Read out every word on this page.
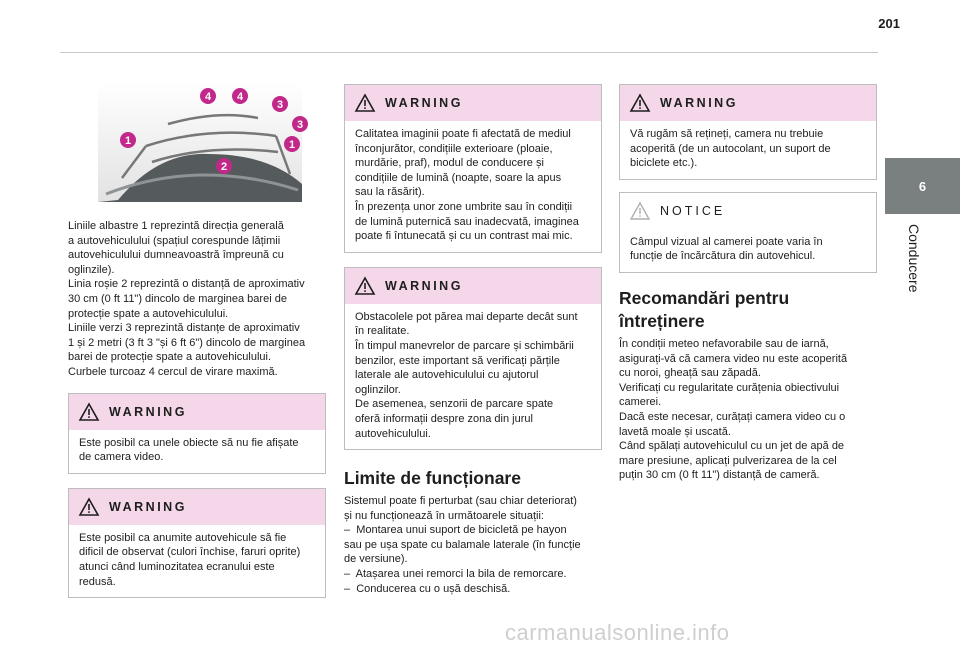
201
1
2
3
3
1
4 4

Liniile albastre 1 reprezintă direcția generală
a autovehiculului (spațiul corespunde lățimii
autovehiculului dumneavoastră împreună cu
oglinzile).
Linia roșie 2 reprezintă o distanță de aproximativ
30 cm (0 ft 11") dincolo de marginea barei de
protecție spate a autovehiculului.
Liniile verzi 3 reprezintă distanțe de aproximativ
1 și 2 metri (3 ft 3 "și 6 ft 6") dincolo de marginea
barei de protecție spate a autovehiculului.
Curbele turcoaz 4 cercul de virare maximă.

WARNING

Este posibil ca unele obiecte să nu fie afișate
de camera video.

WARNING

Este posibil ca anumite autovehicule să fie
dificil de observat (culori închise, faruri oprite)
atunci când luminozitatea ecranului este
redusă.

WARNING

Calitatea imaginii poate fi afectată de mediul
înconjurător, condițiile exterioare (ploaie,
murdărie, praf), modul de conducere și
condițiile de lumină (noapte, soare la apus
sau la răsărit).
În prezența unor zone umbrite sau în condiții
de lumină puternică sau inadecvată, imaginea
poate fi întunecată și cu un contrast mai mic.

WARNING

Obstacolele pot părea mai departe decât sunt
în realitate.
În timpul manevrelor de parcare și schimbării
benzilor, este important să verificați părțile
laterale ale autovehiculului cu ajutorul
oglinzilor.
De asemenea, senzorii de parcare spate
oferă informații despre zona din jurul
autovehiculului.

Limite de funcționare

Sistemul poate fi perturbat (sau chiar deteriorat)
și nu funcționează în următoarele situații:
–  Montarea unui suport de bicicletă pe hayon
sau pe ușa spate cu balamale laterale (în funcție
de versiune).
–  Atașarea unei remorci la bila de remorcare.
–  Conducerea cu o ușă deschisă.

WARNING

Vă rugăm să rețineți, camera nu trebuie
acoperită (de un autocolant, un suport de
biciclete etc.).

NOTICE

Câmpul vizual al camerei poate varia în
funcție de încărcătura din autovehicul.

Recomandări pentru
întreținere

În condiții meteo nefavorabile sau de iarnă,
asigurați-vă că camera video nu este acoperită
cu noroi, gheață sau zăpadă.
Verificați cu regularitate curățenia obiectivului
camerei.
Dacă este necesar, curățați camera video cu o
lavetă moale și uscată.
Când spălați autovehiculul cu un jet de apă de
mare presiune, aplicați pulverizarea de la cel
puțin 30 cm (0 ft 11") distanță de cameră.

6
Conducere
carmanualsonline.info
